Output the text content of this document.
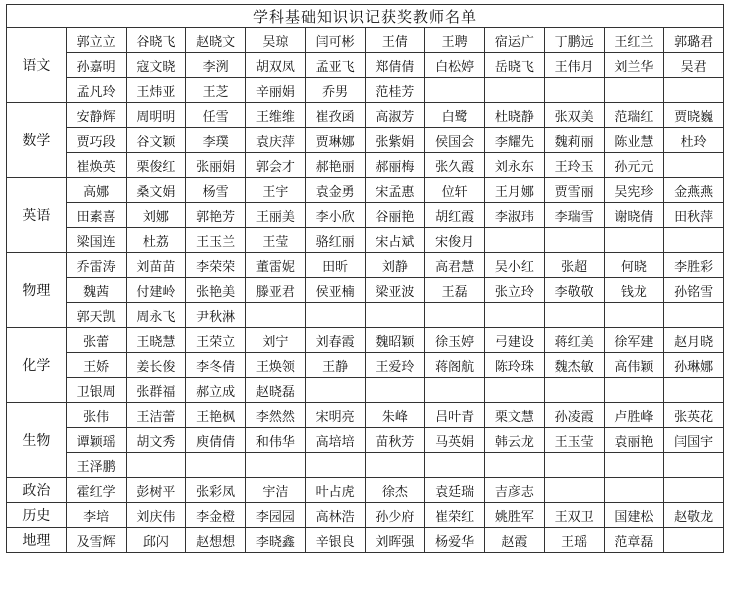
学科基础知识识记获奖教师名单											
语文	郭立立	谷晓飞	赵晓文	吴琼	闫可彬	王倩	王聘	宿运广	丁鹏远	王红兰	郭璐君
	孙嘉明	寇文晓	李洌	胡双凤	孟亚飞	郑倩倩	白松婷	岳晓飞	王伟月	刘兰华	吴君
	孟凡玲	王炜亚	王芝	辛丽娟	乔男	范桂芳					
数学	安静辉	周明明	任雪	王维维	崔孜函	高淑芳	白鹭	杜晓静	张双美	范瑞红	贾晓巍
	贾巧段	谷文颖	李璞	袁庆萍	贾琳娜	张紫娟	侯国会	李耀先	魏莉丽	陈业慧	杜玲
	崔焕英	栗俊红	张丽娟	郭会才	郝艳丽	郝丽梅	张久霞	刘永东	王玲玉	孙元元	
英语	高娜	桑文娟	杨雪	王宇	袁金勇	宋孟惠	位轩	王月娜	贾雪丽	吴宪珍	金燕燕
	田素喜	刘娜	郭艳芳	王丽美	李小欣	谷丽艳	胡红霞	李淑玮	李瑞雪	谢晓倩	田秋萍
	梁国连	杜荔	王玉兰	王莹	骆红丽	宋占斌	宋俊月				
物理	乔雷涛	刘苗苗	李荣荣	董雷妮	田昕	刘静	高君慧	吴小红	张超	何晓	李胜彩
	魏茜	付建岭	张艳美	滕亚君	侯亚楠	梁亚波	王磊	张立玲	李敬敬	钱龙	孙铭雪
	郭天凯	周永飞	尹秋淋								
化学	张蕾	王晓慧	王荣立	刘宁	刘春霞	魏昭颖	徐玉婷	弓建设	蒋红美	徐军建	赵月晓
	王娇	姜长俊	李冬倩	王焕领	王静	王爱玲	蒋阁航	陈玲珠	魏杰敏	高伟颖	孙琳娜
	卫银周	张群福	郝立成	赵晓磊							
生物	张伟	王洁蕾	王艳枫	李然然	宋明亮	朱峰	吕叶青	栗文慧	孙凌霞	卢胜峰	张英花
	谭颖瑶	胡文秀	庾倩倩	和伟华	高培培	苗秋芳	马英娟	韩云龙	王玉莹	袁丽艳	闫国宇
	王泽鹏										
政治	霍红学	彭树平	张彩凤	宇洁	叶占虎	徐杰	袁廷瑞	吉彦志			
历史	李培	刘庆伟	李金橙	李园园	高林浩	孙少府	崔荣红	姚胜军	王双卫	国建松	赵敬龙
地理	及雪辉	邱闪	赵想想	李晓鑫	辛银良	刘晖强	杨爱华	赵霞	王瑶	范章磊	
